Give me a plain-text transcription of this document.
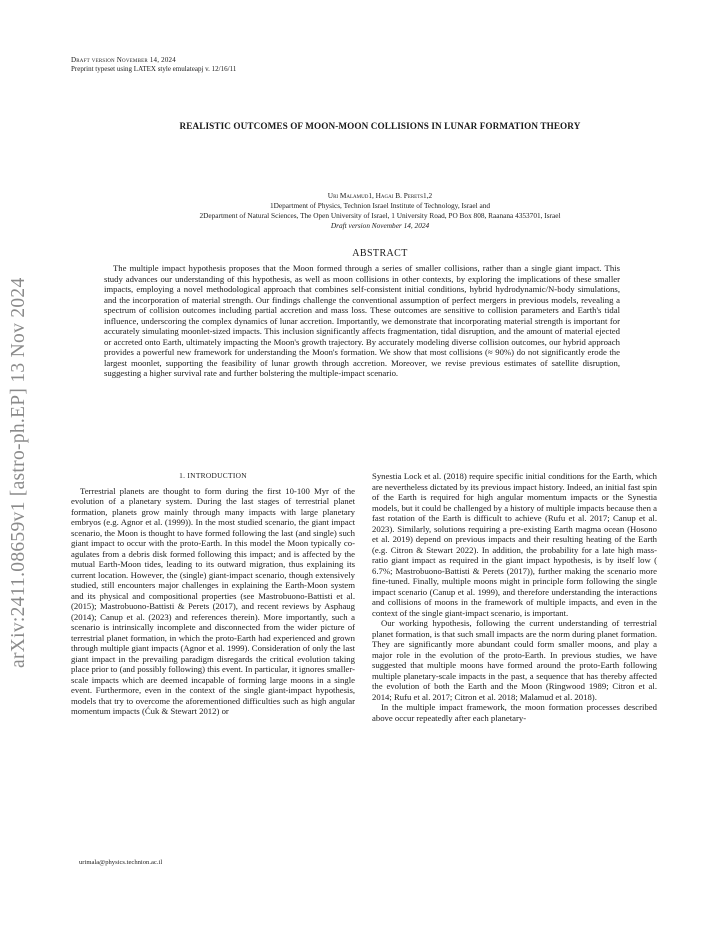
Draft version November 14, 2024
Preprint typeset using LATEX style emulateapj v. 12/16/11
arXiv:2411.08659v1 [astro-ph.EP] 13 Nov 2024
REALISTIC OUTCOMES OF MOON-MOON COLLISIONS IN LUNAR FORMATION THEORY
Uri Malamud1, Hagai B. Perets1,2
1Department of Physics, Technion Israel Institute of Technology, Israel and
2Department of Natural Sciences, The Open University of Israel, 1 University Road, PO Box 808, Raanana 4353701, Israel
Draft version November 14, 2024
ABSTRACT

The multiple impact hypothesis proposes that the Moon formed through a series of smaller collisions, rather than a single giant impact. This study advances our understanding of this hypothesis, as well as moon collisions in other contexts, by exploring the implications of these smaller impacts, employing a novel methodological approach that combines self-consistent initial conditions, hybrid hydrodynamic/N-body simulations, and the incorporation of material strength. Our findings challenge the conventional assumption of perfect mergers in previous models, revealing a spectrum of collision outcomes including partial accretion and mass loss. These outcomes are sensitive to collision parameters and Earth's tidal influence, underscoring the complex dynamics of lunar accretion. Importantly, we demonstrate that incorporating material strength is important for accurately simulating moonlet-sized impacts. This inclusion significantly affects fragmentation, tidal disruption, and the amount of material ejected or accreted onto Earth, ultimately impacting the Moon's growth trajectory. By accurately modeling diverse collision outcomes, our hybrid approach provides a powerful new framework for understanding the Moon's formation. We show that most collisions (≈ 90%) do not significantly erode the largest moonlet, supporting the feasibility of lunar growth through accretion. Moreover, we revise previous estimates of satellite disruption, suggesting a higher survival rate and further bolstering the multiple-impact scenario.

1. INTRODUCTION

Terrestrial planets are thought to form during the first 10-100 Myr of the evolution of a planetary system. During the last stages of terrestrial planet formation, planets grow mainly through many impacts with large planetary embryos (e.g. Agnor et al. (1999)). In the most studied scenario, the giant impact scenario, the Moon is thought to have formed following the last (and single) such giant impact to occur with the proto-Earth. In this model the Moon typically co-agulates from a debris disk formed following this impact; and is affected by the mutual Earth-Moon tides, leading to its outward migration, thus explaining its current location. However, the (single) giant-impact scenario, though extensively studied, still encounters major challenges in explaining the Earth-Moon system and its physical and compositional properties (see Mastrobuono-Battisti et al. (2015); Mastrobuono-Battisti & Perets (2017), and recent reviews by Asphaug (2014); Canup et al. (2023) and references therein). More importantly, such a scenario is intrinsically incomplete and disconnected from the wider picture of terrestrial planet formation, in which the proto-Earth had experienced and grown through multiple giant impacts (Agnor et al. 1999). Consideration of only the last giant impact in the prevailing paradigm disregards the critical evolution taking place prior to (and possibly following) this event. In particular, it ignores smaller-scale impacts which are deemed incapable of forming large moons in a single event. Furthermore, even in the context of the single giant-impact hypothesis, models that try to overcome the aforementioned difficulties such as high angular momentum impacts (Ćuk & Stewart 2012) or

Synestia Lock et al. (2018) require specific initial conditions for the Earth, which are nevertheless dictated by its previous impact history. Indeed, an initial fast spin of the Earth is required for high angular momentum impacts or the Synestia models, but it could be challenged by a history of multiple impacts because then a fast rotation of the Earth is difficult to achieve (Rufu et al. 2017; Canup et al. 2023). Similarly, solutions requiring a pre-existing Earth magma ocean (Hosono et al. 2019) depend on previous impacts and their resulting heating of the Earth (e.g. Citron & Stewart 2022). In addition, the probability for a late high mass-ratio giant impact as required in the giant impact hypothesis, is by itself low ( 6.7%; Mastrobuono-Battisti & Perets (2017)), further making the scenario more fine-tuned. Finally, multiple moons might in principle form following the single impact scenario (Canup et al. 1999), and therefore understanding the interactions and collisions of moons in the framework of multiple impacts, and even in the context of the single giant-impact scenario, is important.

Our working hypothesis, following the current understanding of terrestrial planet formation, is that such small impacts are the norm during planet formation. They are significantly more abundant could form smaller moons, and play a major role in the evolution of the proto-Earth. In previous studies, we have suggested that multiple moons have formed around the proto-Earth following multiple planetary-scale impacts in the past, a sequence that has thereby affected the evolution of both the Earth and the Moon (Ringwood 1989; Citron et al. 2014; Rufu et al. 2017; Citron et al. 2018; Malamud et al. 2018).

In the multiple impact framework, the moon formation processes described above occur repeatedly after each planetary-

urimala@physics.technion.ac.il
